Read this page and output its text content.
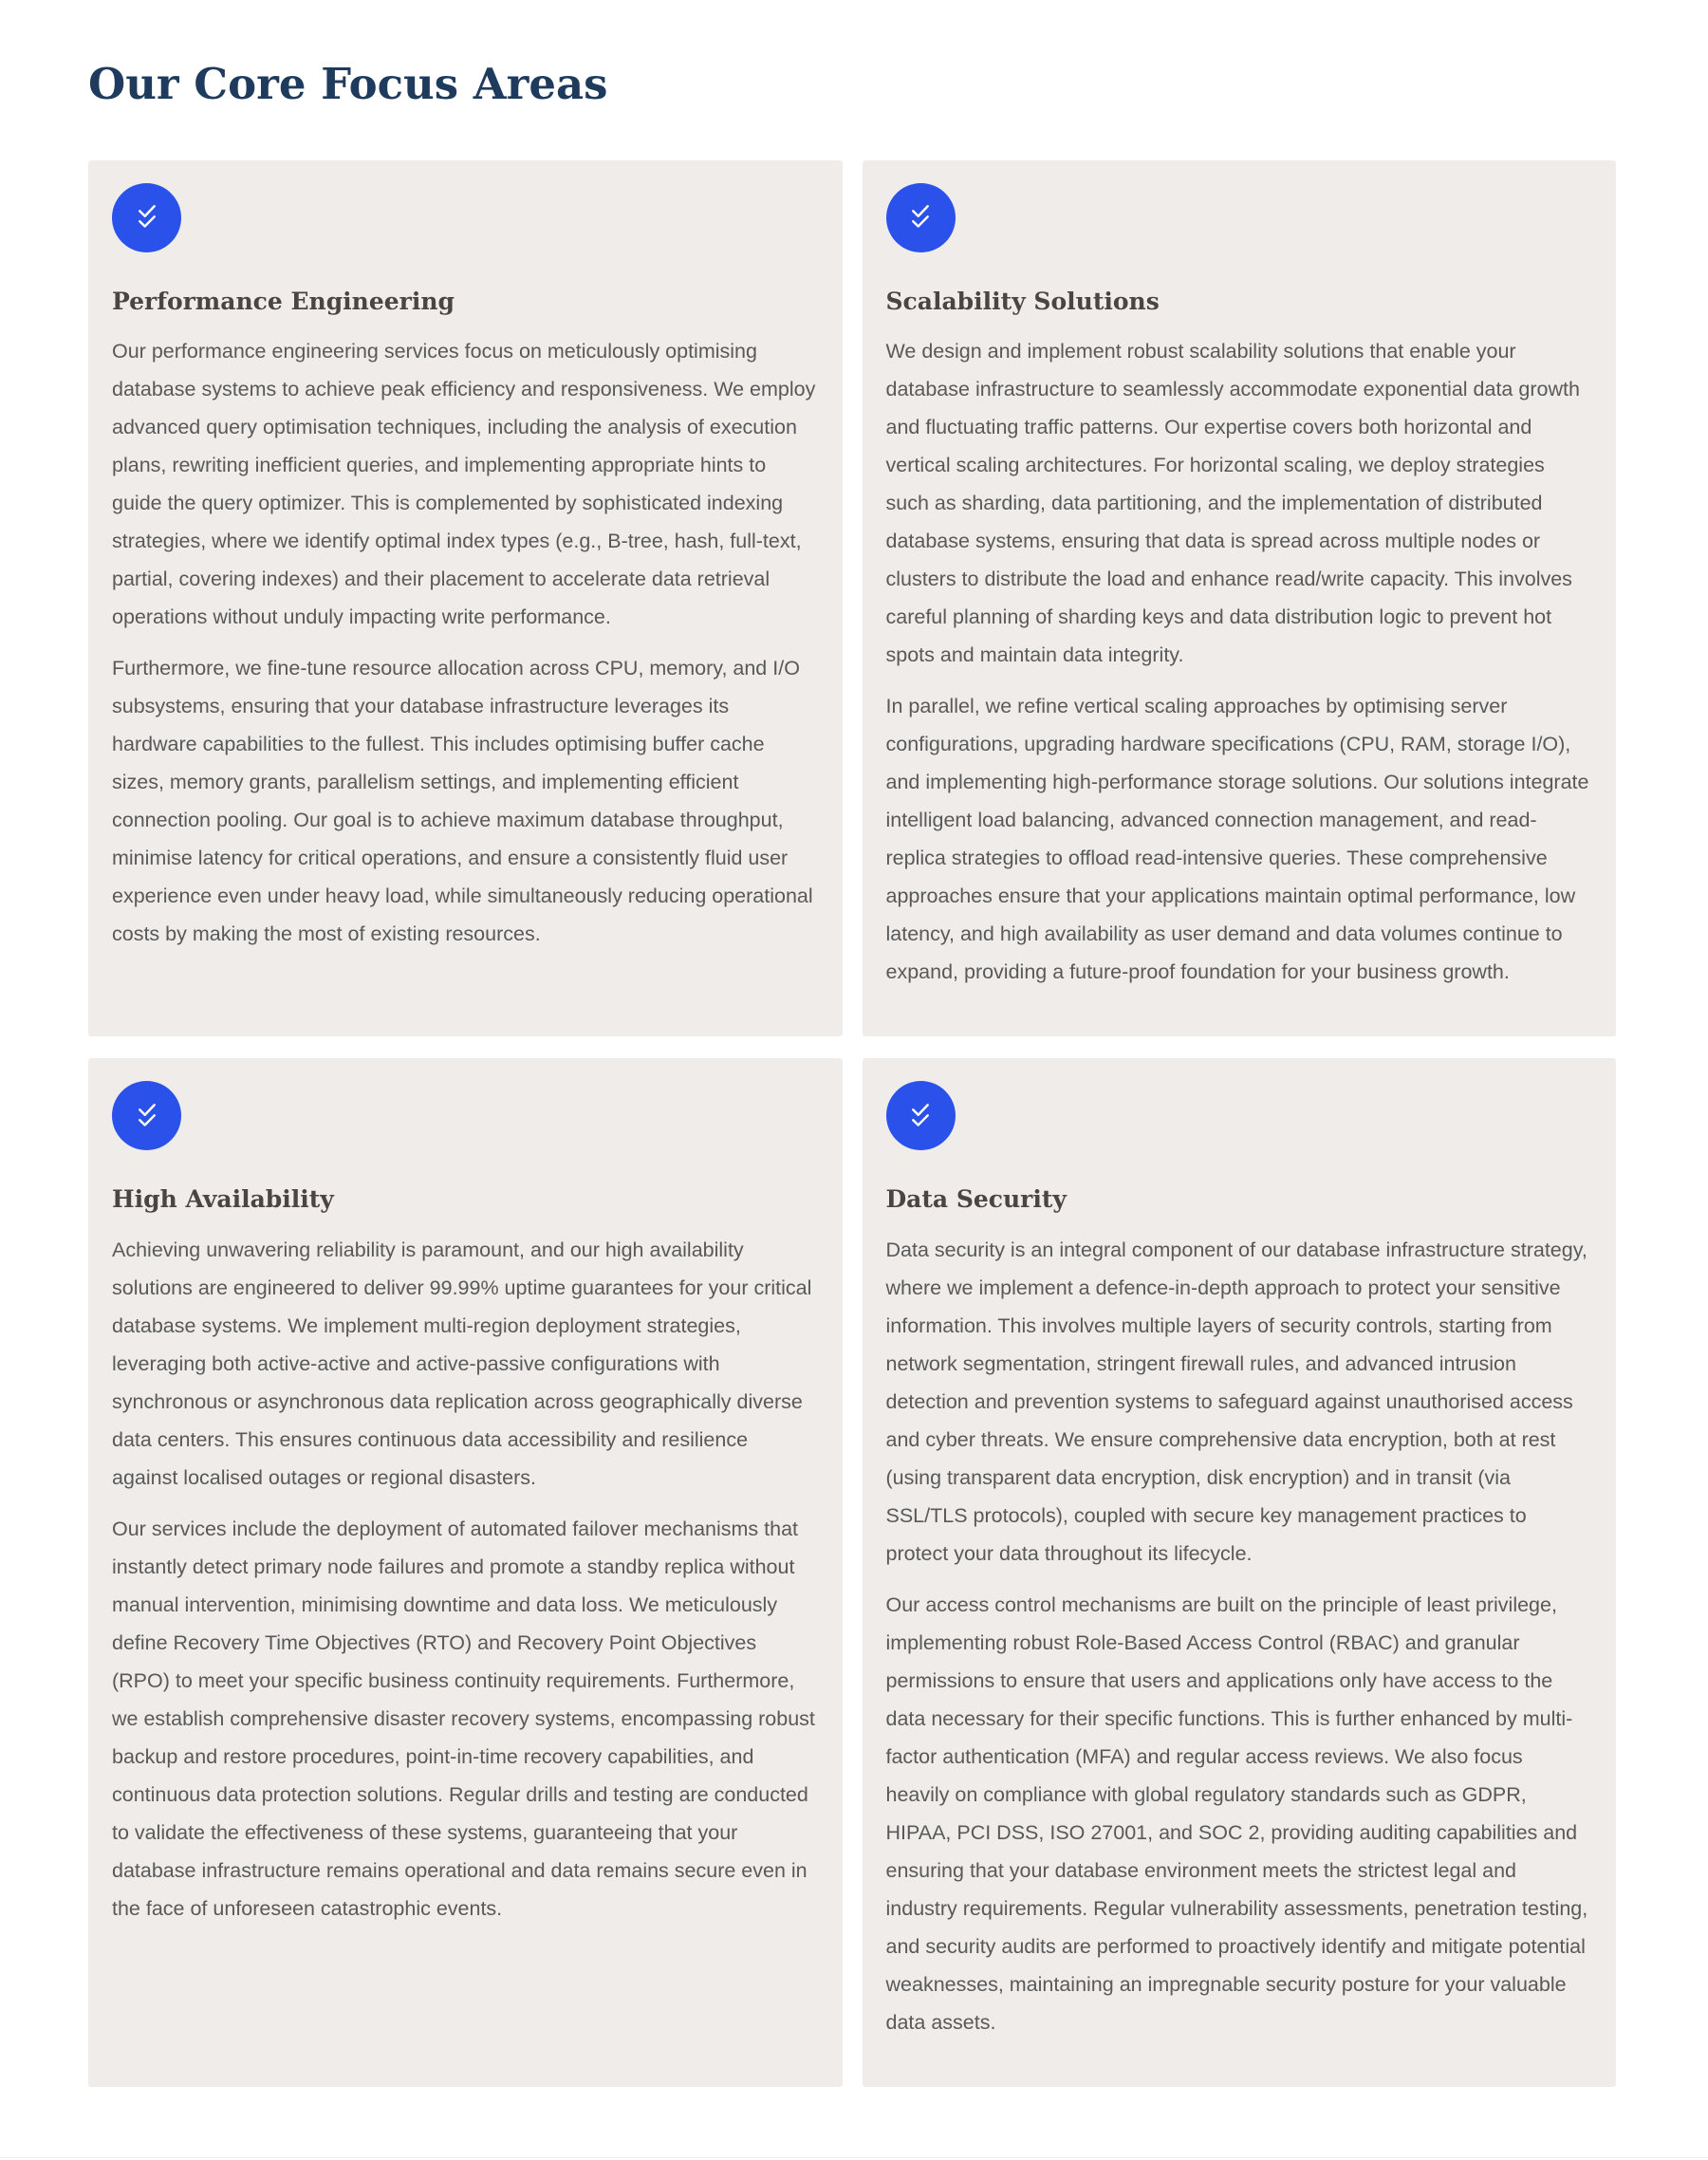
Our Core Focus Areas
Performance Engineering

Our performance engineering services focus on meticulously optimising database systems to achieve peak efficiency and responsiveness. We employ advanced query optimisation techniques, including the analysis of execution plans, rewriting inefficient queries, and implementing appropriate hints to guide the query optimizer. This is complemented by sophisticated indexing strategies, where we identify optimal index types (e.g., B-tree, hash, full-text, partial, covering indexes) and their placement to accelerate data retrieval operations without unduly impacting write performance.

Furthermore, we fine-tune resource allocation across CPU, memory, and I/O subsystems, ensuring that your database infrastructure leverages its hardware capabilities to the fullest. This includes optimising buffer cache sizes, memory grants, parallelism settings, and implementing efficient connection pooling. Our goal is to achieve maximum database throughput, minimise latency for critical operations, and ensure a consistently fluid user experience even under heavy load, while simultaneously reducing operational costs by making the most of existing resources.

Scalability Solutions

We design and implement robust scalability solutions that enable your database infrastructure to seamlessly accommodate exponential data growth and fluctuating traffic patterns. Our expertise covers both horizontal and vertical scaling architectures. For horizontal scaling, we deploy strategies such as sharding, data partitioning, and the implementation of distributed database systems, ensuring that data is spread across multiple nodes or clusters to distribute the load and enhance read/write capacity. This involves careful planning of sharding keys and data distribution logic to prevent hot spots and maintain data integrity.

In parallel, we refine vertical scaling approaches by optimising server configurations, upgrading hardware specifications (CPU, RAM, storage I/O), and implementing high-performance storage solutions. Our solutions integrate intelligent load balancing, advanced connection management, and read-replica strategies to offload read-intensive queries. These comprehensive approaches ensure that your applications maintain optimal performance, low latency, and high availability as user demand and data volumes continue to expand, providing a future-proof foundation for your business growth.

High Availability

Achieving unwavering reliability is paramount, and our high availability solutions are engineered to deliver 99.99% uptime guarantees for your critical database systems. We implement multi-region deployment strategies, leveraging both active-active and active-passive configurations with synchronous or asynchronous data replication across geographically diverse data centers. This ensures continuous data accessibility and resilience against localised outages or regional disasters.

Our services include the deployment of automated failover mechanisms that instantly detect primary node failures and promote a standby replica without manual intervention, minimising downtime and data loss. We meticulously define Recovery Time Objectives (RTO) and Recovery Point Objectives (RPO) to meet your specific business continuity requirements. Furthermore, we establish comprehensive disaster recovery systems, encompassing robust backup and restore procedures, point-in-time recovery capabilities, and continuous data protection solutions. Regular drills and testing are conducted to validate the effectiveness of these systems, guaranteeing that your database infrastructure remains operational and data remains secure even in the face of unforeseen catastrophic events.

Data Security

Data security is an integral component of our database infrastructure strategy, where we implement a defence-in-depth approach to protect your sensitive information. This involves multiple layers of security controls, starting from network segmentation, stringent firewall rules, and advanced intrusion detection and prevention systems to safeguard against unauthorised access and cyber threats. We ensure comprehensive data encryption, both at rest (using transparent data encryption, disk encryption) and in transit (via SSL/TLS protocols), coupled with secure key management practices to protect your data throughout its lifecycle.

Our access control mechanisms are built on the principle of least privilege, implementing robust Role-Based Access Control (RBAC) and granular permissions to ensure that users and applications only have access to the data necessary for their specific functions. This is further enhanced by multi-factor authentication (MFA) and regular access reviews. We also focus heavily on compliance with global regulatory standards such as GDPR, HIPAA, PCI DSS, ISO 27001, and SOC 2, providing auditing capabilities and ensuring that your database environment meets the strictest legal and industry requirements. Regular vulnerability assessments, penetration testing, and security audits are performed to proactively identify and mitigate potential weaknesses, maintaining an impregnable security posture for your valuable data assets.
